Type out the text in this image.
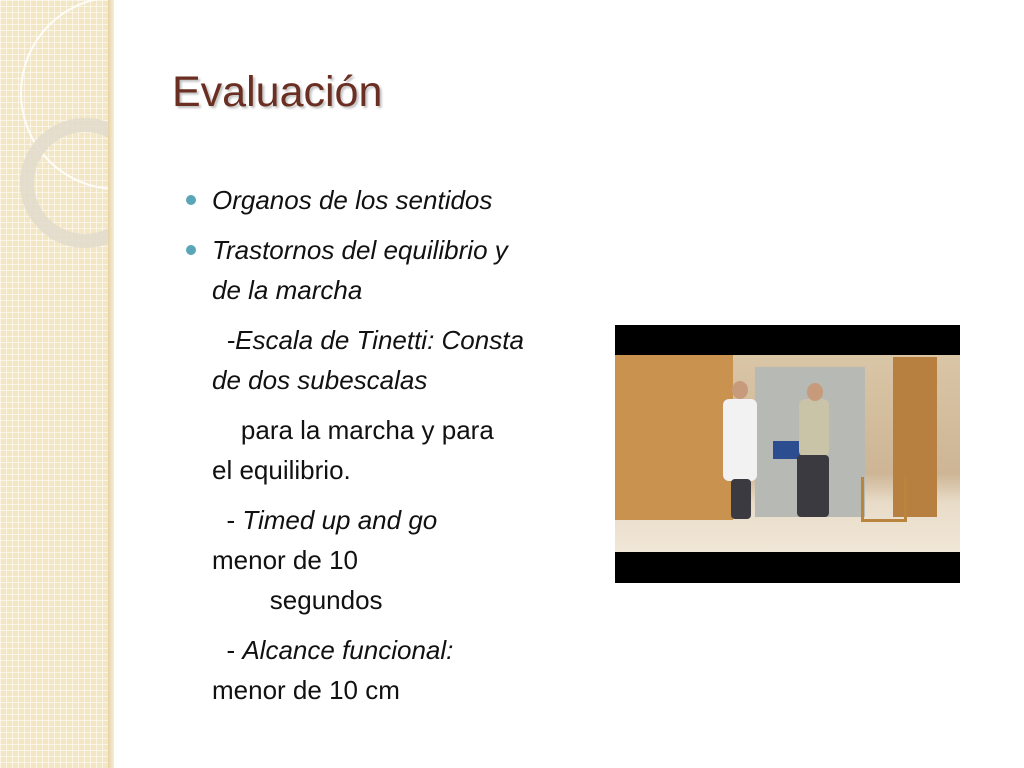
Evaluación
Organos de los sentidos
Trastornos del equilibrio y
de la marcha
-Escala de Tinetti: Consta
de dos subescalas
para la marcha y para
el equilibrio.
- Timed up and go
menor de 10
segundos
- Alcance funcional:
menor de 10 cm
